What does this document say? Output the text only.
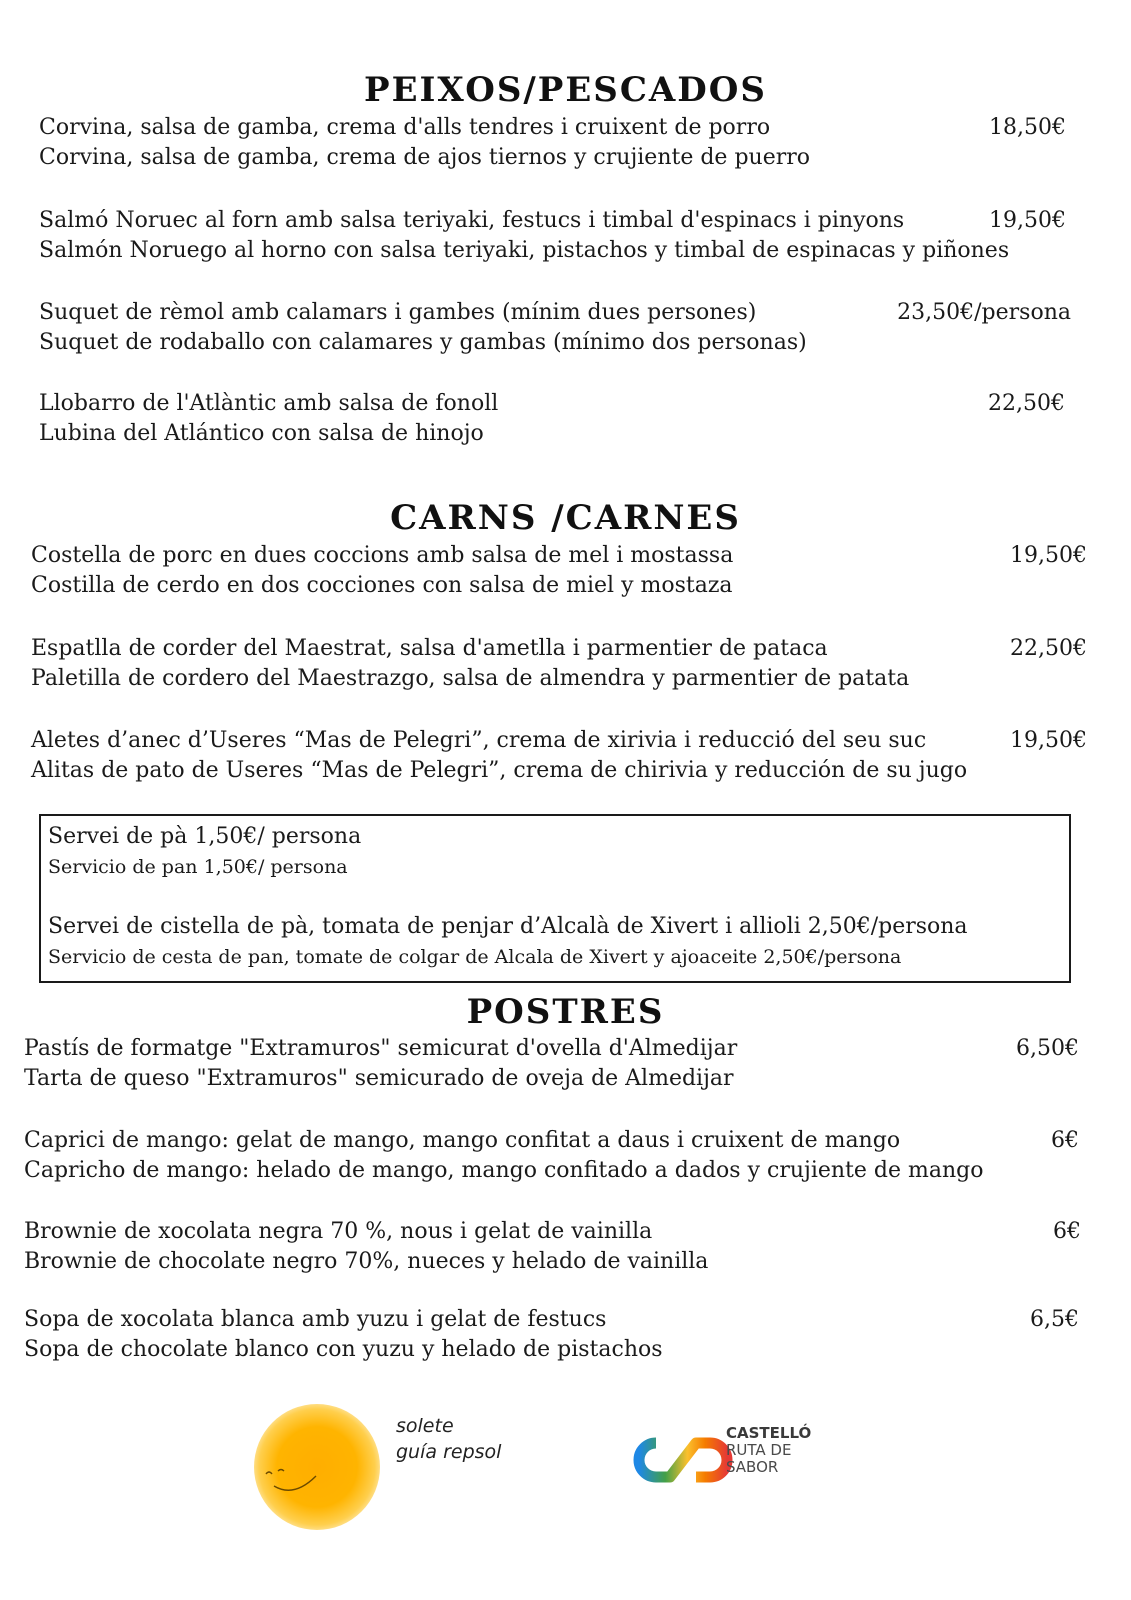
PEIXOS/PESCADOS
Corvina, salsa de gamba, crema d'alls tendres i cruixent de porro
Corvina, salsa de gamba, crema de ajos tiernos y crujiente de puerro
18,50€
Salmó Noruec al forn amb salsa teriyaki, festucs i timbal d'espinacs i pinyons
Salmón Noruego al horno con salsa teriyaki, pistachos y timbal de espinacas y piñones
19,50€
Suquet de rèmol amb calamars i gambes (mínim dues persones)
Suquet de rodaballo con calamares y gambas (mínimo dos personas)
23,50€/persona
Llobarro de l'Atlàntic amb salsa de fonoll
Lubina del Atlántico con salsa de hinojo
22,50€
CARNS /CARNES
Costella de porc en dues coccions amb salsa de mel i mostassa
Costilla de cerdo en dos cocciones con salsa de miel y mostaza
19,50€
Espatlla de corder del Maestrat, salsa d'ametlla i parmentier de pataca
Paletilla de cordero del Maestrazgo, salsa de almendra y parmentier de patata
22,50€
Aletes d’anec d’Useres “Mas de Pelegri”, crema de xirivia i reducció del seu suc
Alitas de pato de Useres “Mas de Pelegri”, crema de chirivia y reducción de su jugo
19,50€
Servei de pà 1,50€/ persona
Servicio de pan 1,50€/ persona
Servei de cistella de pà, tomata de penjar d’Alcalà de Xivert i allioli 2,50€/persona
Servicio de cesta de pan, tomate de colgar de Alcala de Xivert y ajoaceite 2,50€/persona
POSTRES
Pastís de formatge "Extramuros" semicurat d'ovella d'Almedijar
Tarta de queso "Extramuros" semicurado de oveja de Almedijar
6,50€
Caprici de mango: gelat de mango, mango confitat a daus i cruixent de mango
Capricho de mango: helado de mango, mango confitado a dados y crujiente de mango
6€
Brownie de xocolata negra 70 %, nous i gelat de vainilla
Brownie de chocolate negro 70%, nueces y helado de vainilla
6€
Sopa de xocolata blanca amb yuzu i gelat de festucs
Sopa de chocolate blanco con yuzu y helado de pistachos
6,5€
solete
guía repsol
CASTELLÓ
RUTA DE
SABOR
